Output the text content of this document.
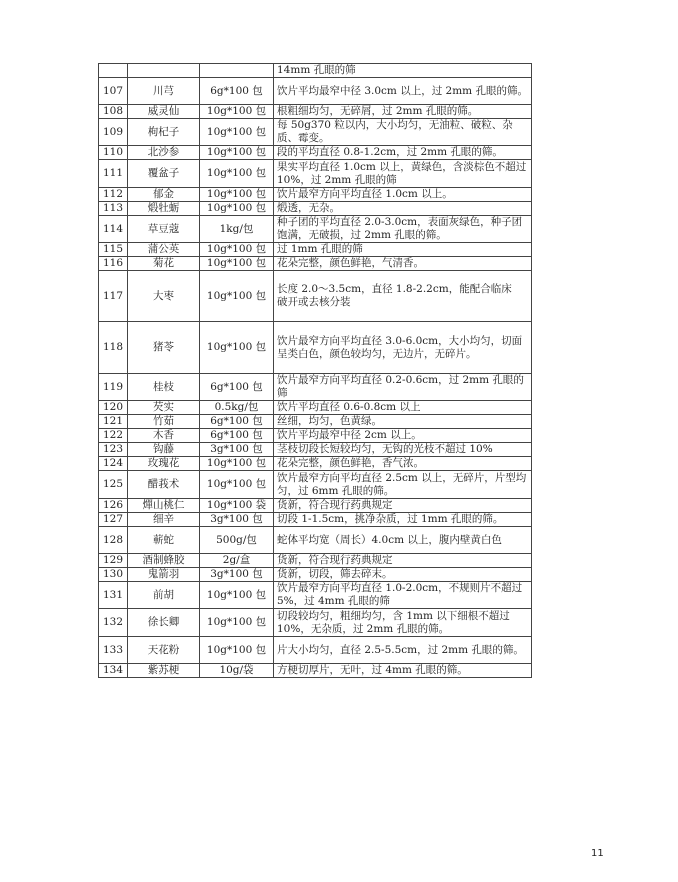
			14mm 孔眼的筛
107	川芎	6g*100 包	饮片平均最窄中径 3.0cm 以上，过 2mm 孔眼的筛。
108	威灵仙	10g*100 包	根粗细均匀，无碎屑，过 2mm 孔眼的筛。
109	枸杞子	10g*100 包	每 50g370 粒以内，大小均匀，无油粒、破粒、杂质、霉变。
110	北沙参	10g*100 包	段的平均直径 0.8-1.2cm，过 2mm 孔眼的筛。
111	覆盆子	10g*100 包	果实平均直径 1.0cm 以上，黄绿色，含淡棕色不超过 10%，过 2mm 孔眼的筛
112	郁金	10g*100 包	饮片最窄方向平均直径 1.0cm 以上。
113	煅牡蛎	10g*100 包	煅透，无杂。
114	草豆蔻	1kg/包	种子团的平均直径 2.0-3.0cm，表面灰绿色，种子团饱满，无破损，过 2mm 孔眼的筛。
115	蒲公英	10g*100 包	过 1mm 孔眼的筛
116	菊花	10g*100 包	花朵完整，颜色鲜艳，气清香。
117	大枣	10g*100 包	长度 2.0～3.5cm，直径 1.8-2.2cm，能配合临床
破开或去核分装
118	猪苓	10g*100 包	饮片最窄方向平均直径 3.0-6.0cm，大小均匀，切面呈类白色，颜色较均匀，无边片，无碎片。
119	桂枝	6g*100 包	饮片最窄方向平均直径 0.2-0.6cm，过 2mm 孔眼的筛
120	芡实	0.5kg/包	饮片平均直径 0.6-0.8cm 以上
121	竹茹	6g*100 包	丝细，均匀，色黄绿。
122	木香	6g*100 包	饮片平均最窄中径 2cm 以上。
123	钩藤	3g*100 包	茎枝切段长短较均匀，无钩的光枝不超过 10%
124	玫瑰花	10g*100 包	花朵完整，颜色鲜艳，香气浓。
125	醋莪术	10g*100 包	饮片最窄方向平均直径 2.5cm 以上，无碎片，片型均匀，过 6mm 孔眼的筛。
126	燀山桃仁	10g*100 袋	货新，符合现行药典规定
127	细辛	3g*100 包	切段 1-1.5cm，挑净杂质，过 1mm 孔眼的筛。
128	蕲蛇	500g/包	蛇体平均宽（周长）4.0cm 以上，腹内壁黄白色
129	酒制蜂胶	2g/盒	货新，符合现行药典规定
130	鬼箭羽	3g*100 包	货新，切段，筛去碎末。
131	前胡	10g*100 包	饮片最窄方向平均直径 1.0-2.0cm，不规则片不超过 5%，过 4mm 孔眼的筛
132	徐长卿	10g*100 包	切段较均匀，粗细均匀，含 1mm 以下细根不超过 10%，无杂质，过 2mm 孔眼的筛。
133	天花粉	10g*100 包	片大小均匀，直径 2.5-5.5cm，过 2mm 孔眼的筛。
134	紫苏梗	10g/袋	方梗切厚片，无叶，过 4mm 孔眼的筛。
11
